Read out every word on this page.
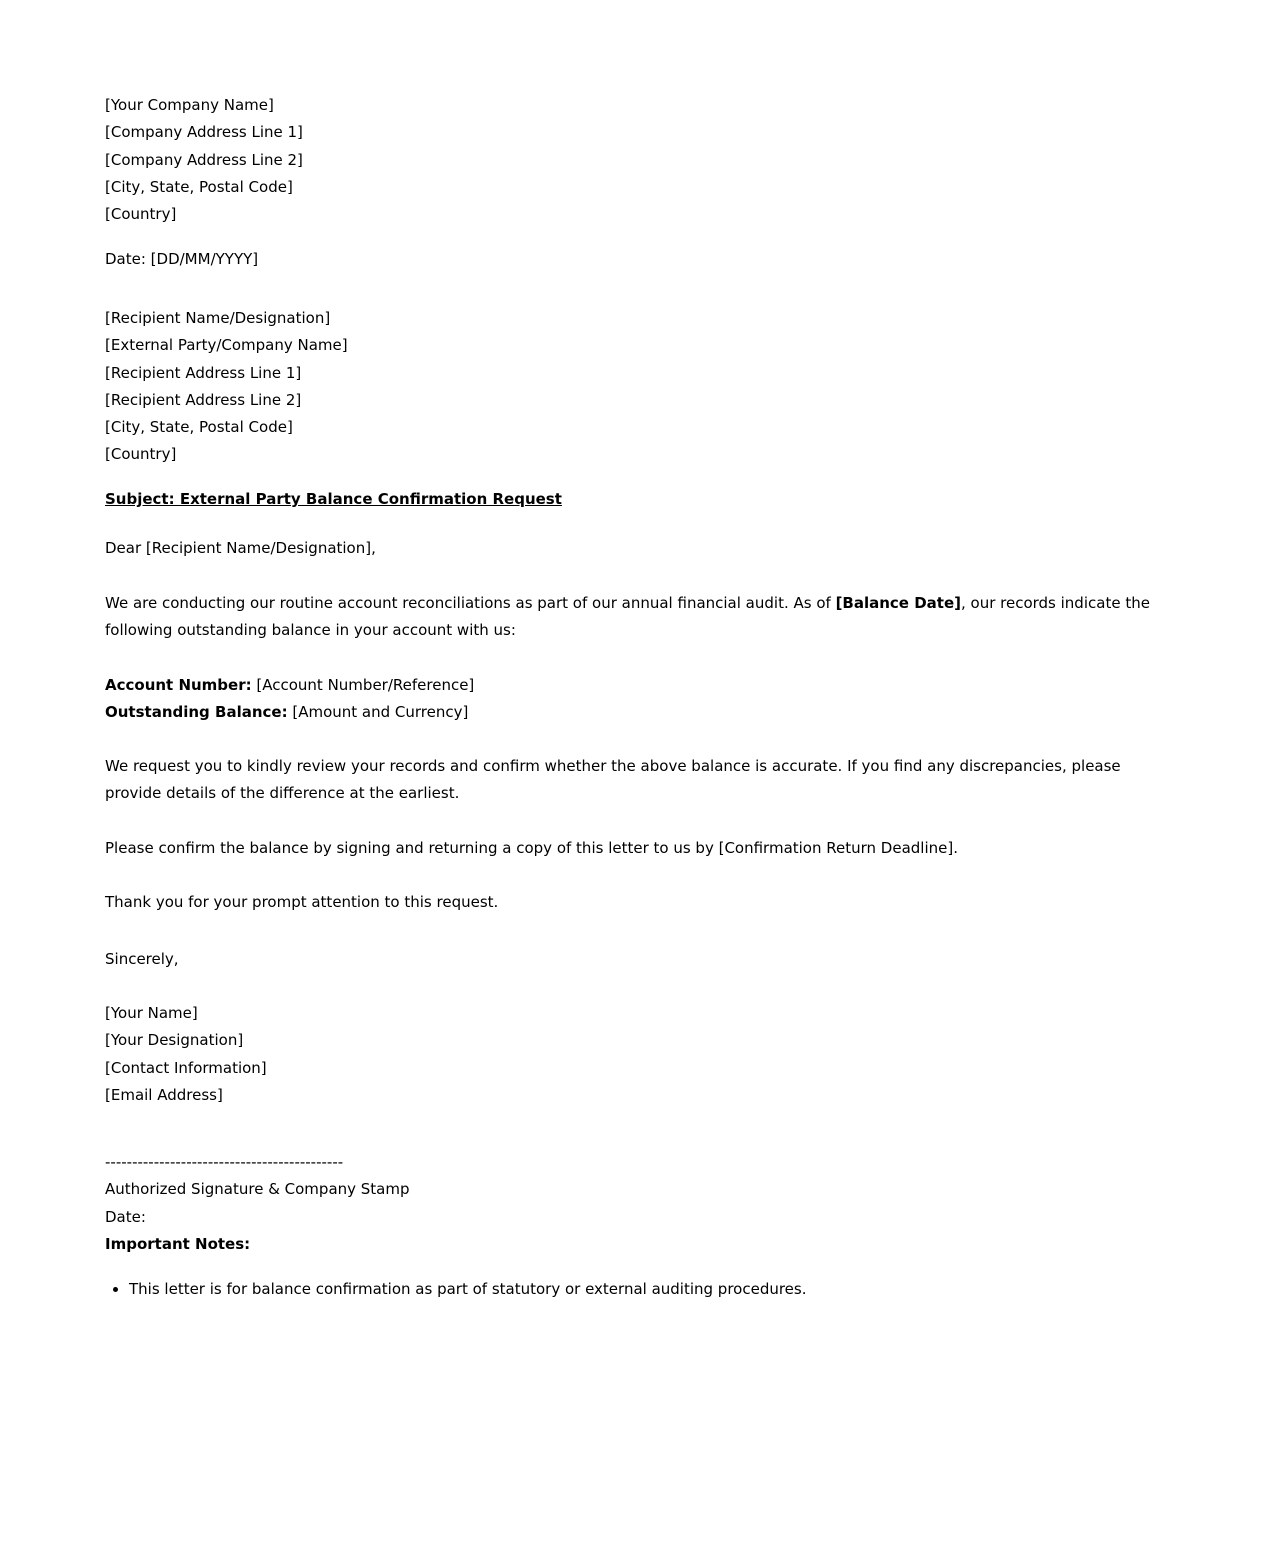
[Your Company Name]
[Company Address Line 1]
[Company Address Line 2]
[City, State, Postal Code]
[Country]
Date: [DD/MM/YYYY]
[Recipient Name/Designation]
[External Party/Company Name]
[Recipient Address Line 1]
[Recipient Address Line 2]
[City, State, Postal Code]
[Country]
Subject: External Party Balance Confirmation Request
Dear [Recipient Name/Designation],

We are conducting our routine account reconciliations as part of our annual financial audit. As of [Balance Date], our records indicate the following outstanding balance in your account with us:

Account Number: [Account Number/Reference]
Outstanding Balance: [Amount and Currency]

We request you to kindly review your records and confirm whether the above balance is accurate. If you find any discrepancies, please provide details of the difference at the earliest.

Please confirm the balance by signing and returning a copy of this letter to us by [Confirmation Return Deadline].

Thank you for your prompt attention to this request.

Sincerely,
[Your Name]
[Your Designation]
[Contact Information]
[Email Address]
--------------------------------------------
Authorized Signature & Company Stamp
Date:
Important Notes:
• This letter is for balance confirmation as part of statutory or external auditing procedures.
